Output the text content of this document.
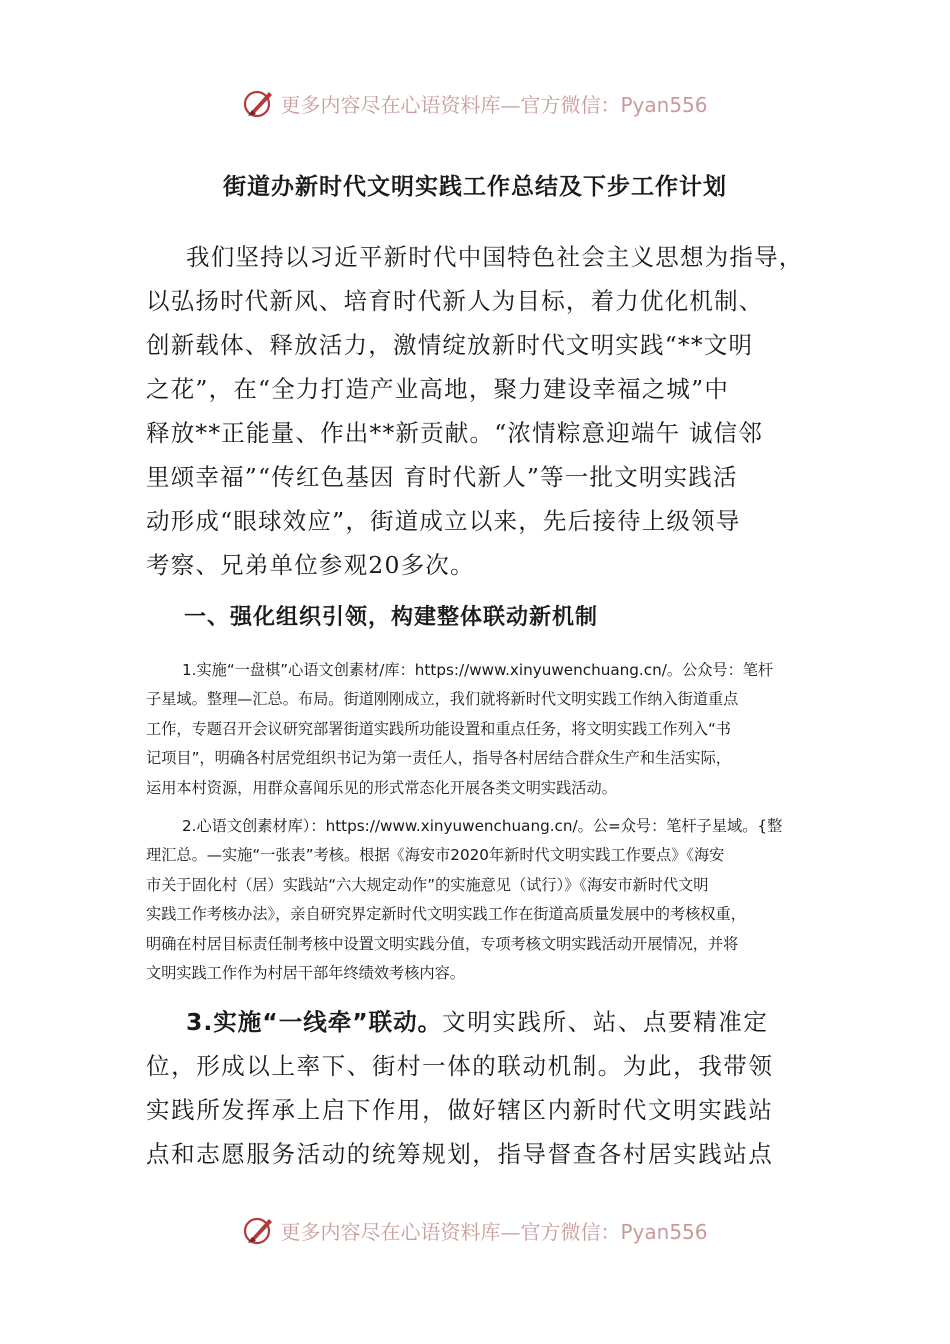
更多内容尽在心语资料库—官方微信：Pyan556
街道办新时代文明实践工作总结及下步工作计划

我们坚持以习近平新时代中国特色社会主义思想为指导，
以弘扬时代新风、培育时代新人为目标，着力优化机制、
创新载体、释放活力，激情绽放新时代文明实践“**文明
之花”，在“全力打造产业高地，聚力建设幸福之城”中
释放**正能量、作出**新贡献。“浓情粽意迎端午 诚信邻
里颂幸福”“传红色基因 育时代新人”等一批文明实践活
动形成“眼球效应”，街道成立以来，先后接待上级领导
考察、兄弟单位参观20多次。

一、强化组织引领，构建整体联动新机制

1.实施“一盘棋”心语文创素材/库：https://www.xinyuwenchuang.cn/。公众号：笔杆
子星域。整理—汇总。布局。街道刚刚成立，我们就将新时代文明实践工作纳入街道重点
工作，专题召开会议研究部署街道实践所功能设置和重点任务，将文明实践工作列入“书
记项目”，明确各村居党组织书记为第一责任人，指导各村居结合群众生产和生活实际，
运用本村资源，用群众喜闻乐见的形式常态化开展各类文明实践活动。

2.心语文创素材库）：https://www.xinyuwenchuang.cn/。公=众号：笔杆子星域。{整
理汇总。—实施“一张表”考核。根据《海安市2020年新时代文明实践工作要点》《海安
市关于固化村（居）实践站“六大规定动作”的实施意见（试行）》《海安市新时代文明
实践工作考核办法》，亲自研究界定新时代文明实践工作在街道高质量发展中的考核权重，
明确在村居目标责任制考核中设置文明实践分值，专项考核文明实践活动开展情况，并将
文明实践工作作为村居干部年终绩效考核内容。

3.实施“一线牵”联动。文明实践所、站、点要精准定
位，形成以上率下、街村一体的联动机制。为此，我带领
实践所发挥承上启下作用，做好辖区内新时代文明实践站
点和志愿服务活动的统筹规划，指导督查各村居实践站点

更多内容尽在心语资料库—官方微信：Pyan556
